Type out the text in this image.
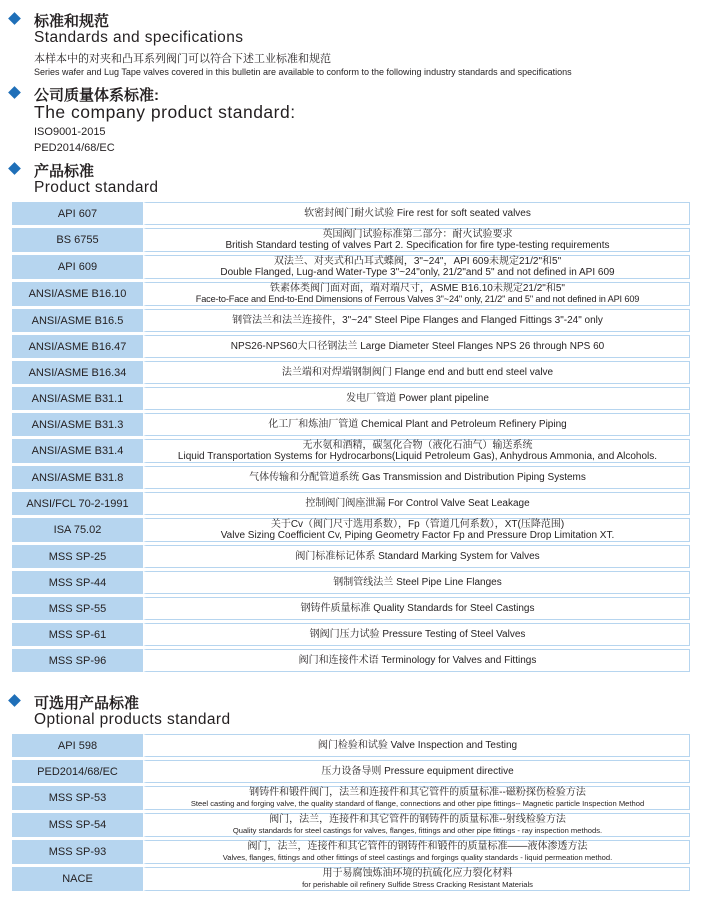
标准和规范
Standards and specifications
本样本中的对夹和凸耳系列阀门可以符合下述工业标准和规范
Series wafer and Lug Tape valves covered in this bulletin are available to conform to the following industry standards and specifications
公司质量体系标准:
The company product standard:
ISO9001-2015
PED2014/68/EC
产品标准
Product standard
API 607	软密封阀门耐火试验 Fire rest for soft seated valves

BS 6755	英国阀门试验标准第二部分：耐火试验要求
British Standard testing of valves Part 2. Specification for fire type-testing requirements

API 609	双法兰、对夹式和凸耳式蝶阀，3"~24"，API 609未规定21/2"和5"
Double Flanged, Lug-and Water-Type 3"~24"only, 21/2"and 5" and not defined in API 609

ANSI/ASME B16.10	铁素体类阀门面对面，端对端尺寸，ASME B16.10未规定21/2"和5"
Face-to-Face and End-to-End Dimensions of Ferrous Valves 3"~24" only, 21/2" and 5" and not defined in API 609

ANSI/ASME B16.5	钢管法兰和法兰连接件，3"~24" Steel Pipe Flanges and Flanged Fittings 3"-24" only

ANSI/ASME B16.47	NPS26-NPS60大口径钢法兰 Large Diameter Steel Flanges NPS 26 through NPS 60

ANSI/ASME B16.34	法兰端和对焊端钢制阀门 Flange end and butt end steel valve

ANSI/ASME B31.1	发电厂管道 Power plant pipeline

ANSI/ASME B31.3	化工厂和炼油厂管道 Chemical Plant and Petroleum Refinery Piping

ANSI/ASME B31.4	无水氨和酒精，碳氢化合物（液化石油气）输送系统
Liquid Transportation Systems for Hydrocarbons(Liquid Petroleum Gas), Anhydrous Ammonia, and Alcohols.

ANSI/ASME B31.8	气体传输和分配管道系统 Gas Transmission and Distribution Piping Systems

ANSI/FCL 70-2-1991	控制阀门阀座泄漏 For Control Valve Seat Leakage

ISA 75.02	关于Cv（阀门尺寸选用系数），Fp（管道几何系数），XT(压降范围)
Valve Sizing Coefficient Cv, Piping Geometry Factor Fp and Pressure Drop Limitation XT.

MSS SP-25	阀门标准标记体系 Standard Marking System for Valves

MSS SP-44	钢制管线法兰 Steel Pipe Line Flanges

MSS SP-55	钢铸件质量标准 Quality Standards for Steel Castings

MSS SP-61	钢阀门压力试验 Pressure Testing of Steel Valves

MSS SP-96	阀门和连接件术语 Terminology for Valves and Fittings
可选用产品标准
Optional products standard
API 598	阀门检验和试验 Valve Inspection and Testing

PED2014/68/EC	压力设备导则 Pressure equipment directive

MSS SP-53	钢铸件和锻件阀门，法兰和连接件和其它管件的质量标准--磁粉探伤检验方法
Steel casting and forging valve, the quality standard of flange, connections and other pipe fittings-- Magnetic particle Inspection Method

MSS SP-54	阀门，法兰，连接件和其它管件的钢铸件的质量标准--射线检验方法
Quality standards for steel castings for valves, flanges, fittings and other pipe fittings - ray inspection methods.

MSS SP-93	阀门，法兰，连接件和其它管件的钢铸件和锻件的质量标准——液体渗透方法
Valves, flanges, fittings and other fittings of steel castings and forgings quality standards - liquid permeation method.

NACE	用于易腐蚀炼油环境的抗硫化应力裂化材料
for perishable oil refinery Sulfide Stress Cracking Resistant Materials
